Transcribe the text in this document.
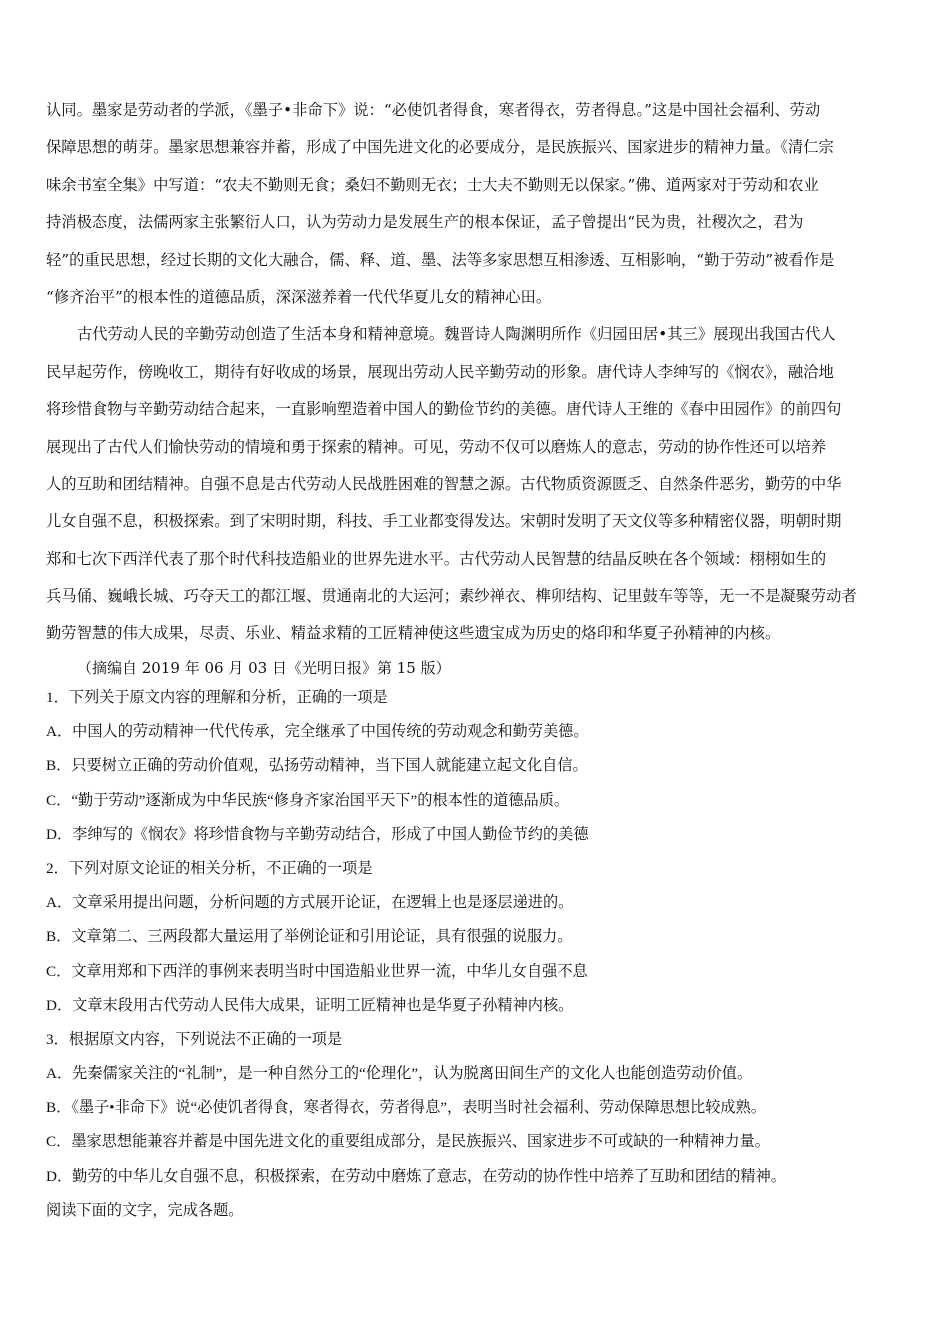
认同。墨家是劳动者的学派，《墨子•非命下》说：“必使饥者得食，寒者得衣，劳者得息。”这是中国社会福利、劳动
保障思想的萌芽。墨家思想兼容并蓄，形成了中国先进文化的必要成分，是民族振兴、国家进步的精神力量。《清仁宗
味余书室全集》中写道：“农夫不勤则无食；桑妇不勤则无衣；士大夫不勤则无以保家。”佛、道两家对于劳动和农业
持消极态度，法儒两家主张繁衍人口，认为劳动力是发展生产的根本保证，孟子曾提出“民为贵，社稷次之，君为
轻”的重民思想，经过长期的文化大融合，儒、释、道、墨、法等多家思想互相渗透、互相影响，“勤于劳动”被看作是
“修齐治平”的根本性的道德品质，深深滋养着一代代华夏儿女的精神心田。
古代劳动人民的辛勤劳动创造了生活本身和精神意境。魏晋诗人陶渊明所作《归园田居•其三》展现出我国古代人
民早起劳作，傍晚收工，期待有好收成的场景，展现出劳动人民辛勤劳动的形象。唐代诗人李绅写的《悯农》，融洽地
将珍惜食物与辛勤劳动结合起来，一直影响塑造着中国人的勤俭节约的美德。唐代诗人王维的《春中田园作》的前四句
展现出了古代人们愉快劳动的情境和勇于探索的精神。可见，劳动不仅可以磨炼人的意志，劳动的协作性还可以培养
人的互助和团结精神。自强不息是古代劳动人民战胜困难的智慧之源。古代物质资源匮乏、自然条件恶劣，勤劳的中华
儿女自强不息，积极探索。到了宋明时期，科技、手工业都变得发达。宋朝时发明了天文仪等多种精密仪器，明朝时期
郑和七次下西洋代表了那个时代科技造船业的世界先进水平。古代劳动人民智慧的结晶反映在各个领域：栩栩如生的
兵马俑、巍峨长城、巧夺天工的都江堰、贯通南北的大运河；素纱禅衣、榫卯结构、记里鼓车等等，无一不是凝聚劳动者
勤劳智慧的伟大成果，尽责、乐业、精益求精的工匠精神使这些遗宝成为历史的烙印和华夏子孙精神的内核。
（摘编自 2019 年 06 月 03 日《光明日报》第 15 版）
1．下列关于原文内容的理解和分析，正确的一项是
A．中国人的劳动精神一代代传承，完全继承了中国传统的劳动观念和勤劳美德。
B．只要树立正确的劳动价值观，弘扬劳动精神，当下国人就能建立起文化自信。
C．“勤于劳动”逐渐成为中华民族“修身齐家治国平天下”的根本性的道德品质。
D．李绅写的《悯农》将珍惜食物与辛勤劳动结合，形成了中国人勤俭节约的美德
2．下列对原文论证的相关分析，不正确的一项是
A．文章采用提出问题，分析问题的方式展开论证，在逻辑上也是逐层递进的。
B．文章第二、三两段都大量运用了举例论证和引用论证，具有很强的说服力。
C．文章用郑和下西洋的事例来表明当时中国造船业世界一流，中华儿女自强不息
D．文章末段用古代劳动人民伟大成果，证明工匠精神也是华夏子孙精神内核。
3．根据原文内容，下列说法不正确的一项是
A．先秦儒家关注的“礼制”，是一种自然分工的“伦理化”，认为脱离田间生产的文化人也能创造劳动价值。
B．《墨子•非命下》说“必使饥者得食，寒者得衣，劳者得息”，表明当时社会福利、劳动保障思想比较成熟。
C．墨家思想能兼容并蓄是中国先进文化的重要组成部分，是民族振兴、国家进步不可或缺的一种精神力量。
D．勤劳的中华儿女自强不息，积极探索，在劳动中磨炼了意志，在劳动的协作性中培养了互助和团结的精神。
阅读下面的文字，完成各题。
